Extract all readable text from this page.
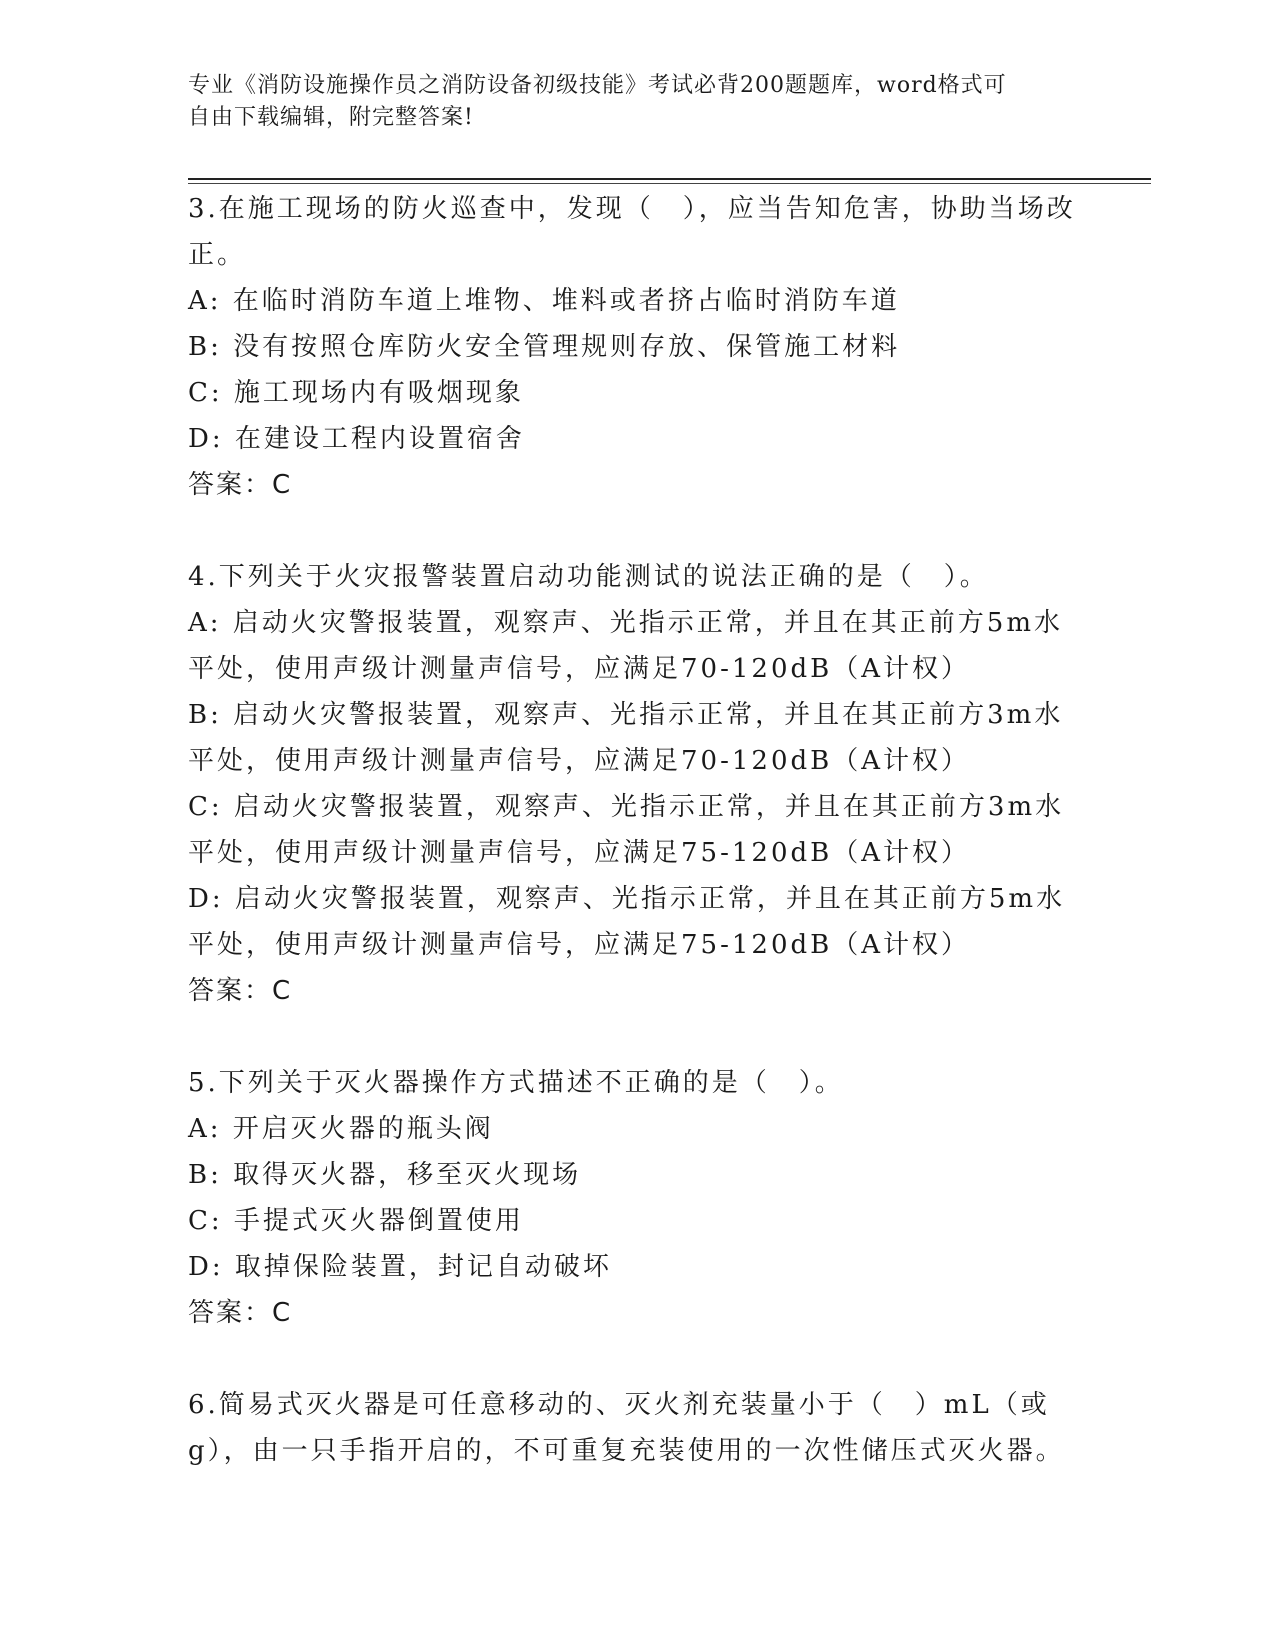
专业《消防设施操作员之消防设备初级技能》考试必背200题题库，word格式可
自由下载编辑，附完整答案!
3.在施工现场的防火巡查中，发现（　），应当告知危害，协助当场改正。
A: 在临时消防车道上堆物、堆料或者挤占临时消防车道
B: 没有按照仓库防火安全管理规则存放、保管施工材料
C: 施工现场内有吸烟现象
D: 在建设工程内设置宿舍
答案：C
4.下列关于火灾报警装置启动功能测试的说法正确的是（　）。
A: 启动火灾警报装置，观察声、光指示正常，并且在其正前方5m水平处，使用声级计测量声信号，应满足70-120dB（A计权）
B: 启动火灾警报装置，观察声、光指示正常，并且在其正前方3m水平处，使用声级计测量声信号，应满足70-120dB（A计权）
C: 启动火灾警报装置，观察声、光指示正常，并且在其正前方3m水平处，使用声级计测量声信号，应满足75-120dB（A计权）
D: 启动火灾警报装置，观察声、光指示正常，并且在其正前方5m水平处，使用声级计测量声信号，应满足75-120dB（A计权）
答案：C
5.下列关于灭火器操作方式描述不正确的是（　）。
A: 开启灭火器的瓶头阀
B: 取得灭火器，移至灭火现场
C: 手提式灭火器倒置使用
D: 取掉保险装置，封记自动破坏
答案：C
6.简易式灭火器是可任意移动的、灭火剂充装量小于（　）mL（或g），由一只手指开启的，不可重复充装使用的一次性储压式灭火器。
